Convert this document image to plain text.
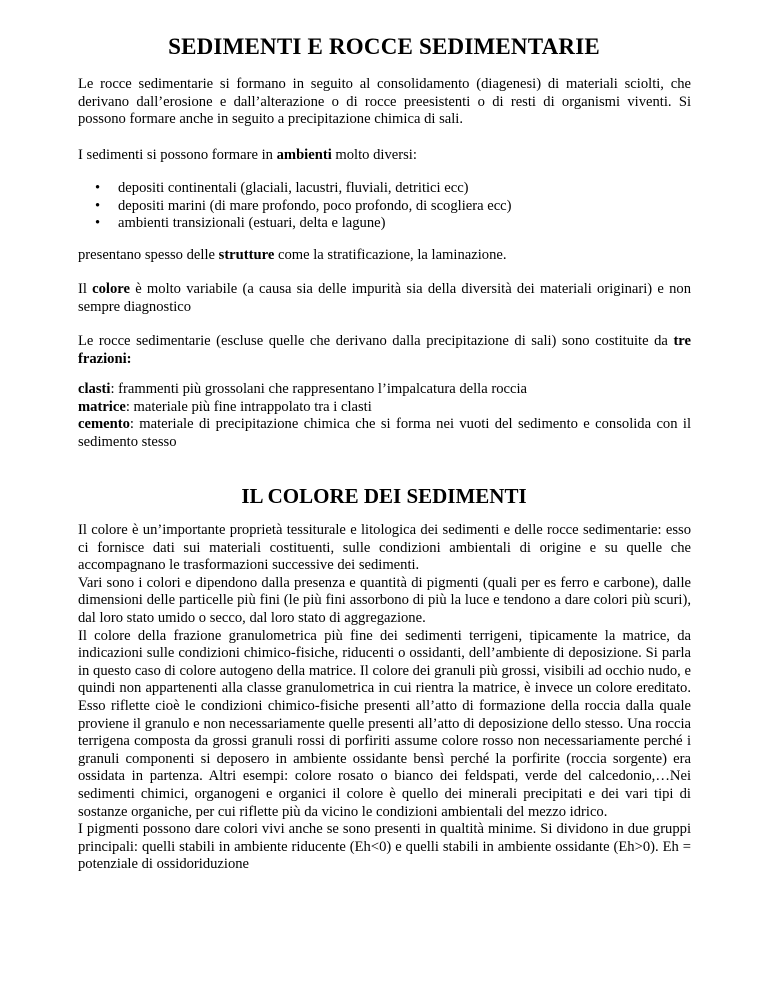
SEDIMENTI E ROCCE SEDIMENTARIE
Le rocce sedimentarie si formano in seguito al consolidamento (diagenesi) di materiali sciolti, che derivano dall’erosione e dall’alterazione o di rocce preesistenti o di resti di organismi viventi. Si possono formare anche in seguito a precipitazione chimica di sali.
I sedimenti si possono formare in ambienti molto diversi:
• depositi continentali (glaciali, lacustri, fluviali, detritici ecc)
• depositi marini (di mare profondo, poco profondo, di scogliera ecc)
• ambienti transizionali (estuari, delta e lagune)
presentano spesso delle strutture come la stratificazione, la laminazione.
Il colore è molto variabile (a causa sia delle impurità sia della diversità dei materiali originari) e non sempre diagnostico
Le rocce sedimentarie (escluse quelle che derivano dalla precipitazione di sali) sono costituite da tre frazioni:
clasti: frammenti più grossolani che rappresentano l’impalcatura della roccia
matrice: materiale più fine intrappolato tra i clasti
cemento: materiale di precipitazione chimica che si forma nei vuoti del sedimento e consolida con il sedimento stesso
IL COLORE DEI SEDIMENTI
Il colore è un’importante proprietà tessiturale e litologica dei sedimenti e delle rocce sedimentarie: esso ci fornisce dati sui materiali costituenti, sulle condizioni ambientali di origine e su quelle che accompagnano le trasformazioni successive dei sedimenti.
Vari sono i colori e dipendono dalla presenza e quantità di pigmenti (quali per es ferro e carbone), dalle dimensioni delle particelle più fini (le più fini assorbono di più la luce e tendono a dare colori più scuri), dal loro stato umido o secco, dal loro stato di aggregazione.
Il colore della frazione granulometrica più fine dei sedimenti terrigeni, tipicamente la matrice, da indicazioni sulle condizioni chimico-fisiche, riducenti o ossidanti, dell’ambiente di deposizione. Si parla in questo caso di colore autogeno della matrice. Il colore dei granuli più grossi, visibili ad occhio nudo, e quindi non appartenenti alla classe granulometrica in cui rientra la matrice, è invece un colore ereditato. Esso riflette cioè le condizioni chimico-fisiche presenti all’atto di formazione della roccia dalla quale proviene il granulo e non necessariamente quelle presenti all’atto di deposizione dello stesso. Una roccia terrigena composta da grossi granuli rossi di porfiriti assume colore rosso non necessariamente perché i granuli componenti si deposero in ambiente ossidante bensì perché la porfirite (roccia sorgente) era ossidata in partenza. Altri esempi: colore rosato o bianco dei feldspati, verde del calcedonio,…Nei sedimenti chimici, organogeni e organici il colore è quello dei minerali precipitati e dei vari tipi di sostanze organiche, per cui riflette più da vicino le condizioni ambientali del mezzo idrico.
I pigmenti possono dare colori vivi anche se sono presenti in qualtità minime. Si dividono in due gruppi principali: quelli stabili in ambiente riducente (Eh<0) e quelli stabili in ambiente ossidante (Eh>0). Eh = potenziale di ossidoriduzione
